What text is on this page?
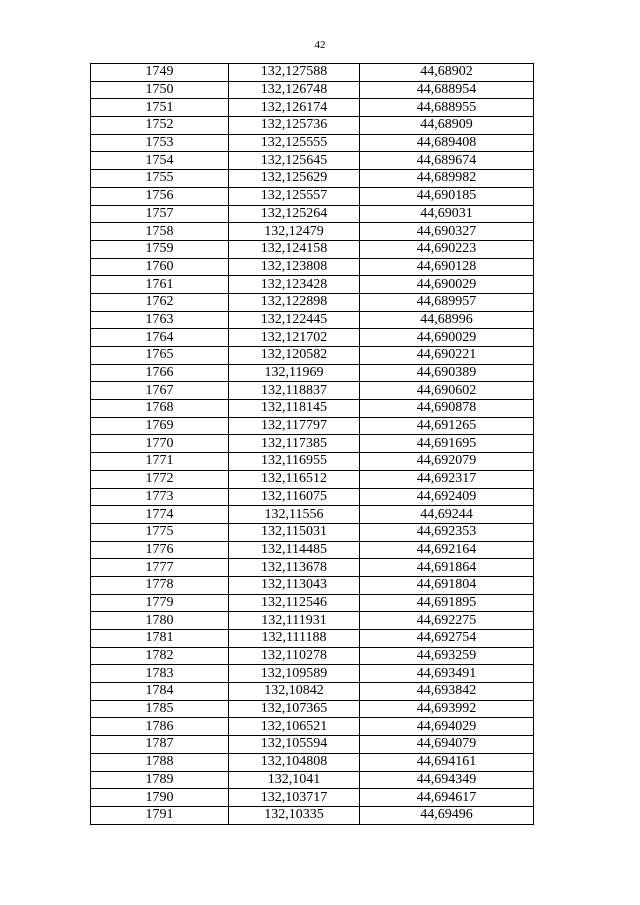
42
1749	132,127588	44,68902
1750	132,126748	44,688954
1751	132,126174	44,688955
1752	132,125736	44,68909
1753	132,125555	44,689408
1754	132,125645	44,689674
1755	132,125629	44,689982
1756	132,125557	44,690185
1757	132,125264	44,69031
1758	132,12479	44,690327
1759	132,124158	44,690223
1760	132,123808	44,690128
1761	132,123428	44,690029
1762	132,122898	44,689957
1763	132,122445	44,68996
1764	132,121702	44,690029
1765	132,120582	44,690221
1766	132,11969	44,690389
1767	132,118837	44,690602
1768	132,118145	44,690878
1769	132,117797	44,691265
1770	132,117385	44,691695
1771	132,116955	44,692079
1772	132,116512	44,692317
1773	132,116075	44,692409
1774	132,11556	44,69244
1775	132,115031	44,692353
1776	132,114485	44,692164
1777	132,113678	44,691864
1778	132,113043	44,691804
1779	132,112546	44,691895
1780	132,111931	44,692275
1781	132,111188	44,692754
1782	132,110278	44,693259
1783	132,109589	44,693491
1784	132,10842	44,693842
1785	132,107365	44,693992
1786	132,106521	44,694029
1787	132,105594	44,694079
1788	132,104808	44,694161
1789	132,1041	44,694349
1790	132,103717	44,694617
1791	132,10335	44,69496
